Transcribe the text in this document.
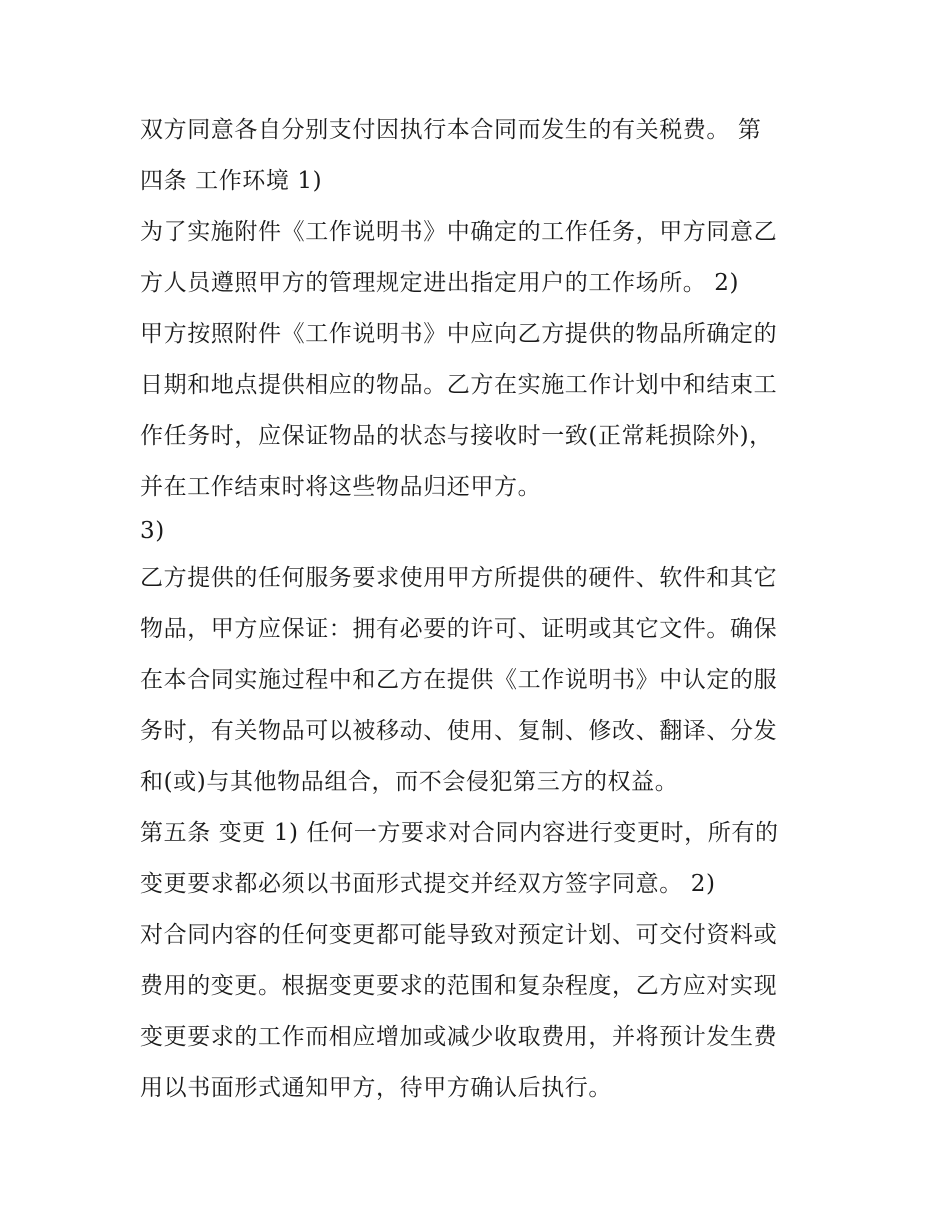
双方同意各自分别支付因执行本合同而发生的有关税费。 第
四条 工作环境 1)
为了实施附件《工作说明书》中确定的工作任务，甲方同意乙
方人员遵照甲方的管理规定进出指定用户的工作场所。 2)
甲方按照附件《工作说明书》中应向乙方提供的物品所确定的
日期和地点提供相应的物品。乙方在实施工作计划中和结束工
作任务时，应保证物品的状态与接收时一致(正常耗损除外)，
并在工作结束时将这些物品归还甲方。
3)
乙方提供的任何服务要求使用甲方所提供的硬件、软件和其它
物品，甲方应保证：拥有必要的许可、证明或其它文件。确保
在本合同实施过程中和乙方在提供《工作说明书》中认定的服
务时，有关物品可以被移动、使用、复制、修改、翻译、分发
和(或)与其他物品组合，而不会侵犯第三方的权益。
第五条 变更 1) 任何一方要求对合同内容进行变更时，所有的
变更要求都必须以书面形式提交并经双方签字同意。 2)
对合同内容的任何变更都可能导致对预定计划、可交付资料或
费用的变更。根据变更要求的范围和复杂程度，乙方应对实现
变更要求的工作而相应增加或减少收取费用，并将预计发生费
用以书面形式通知甲方，待甲方确认后执行。
